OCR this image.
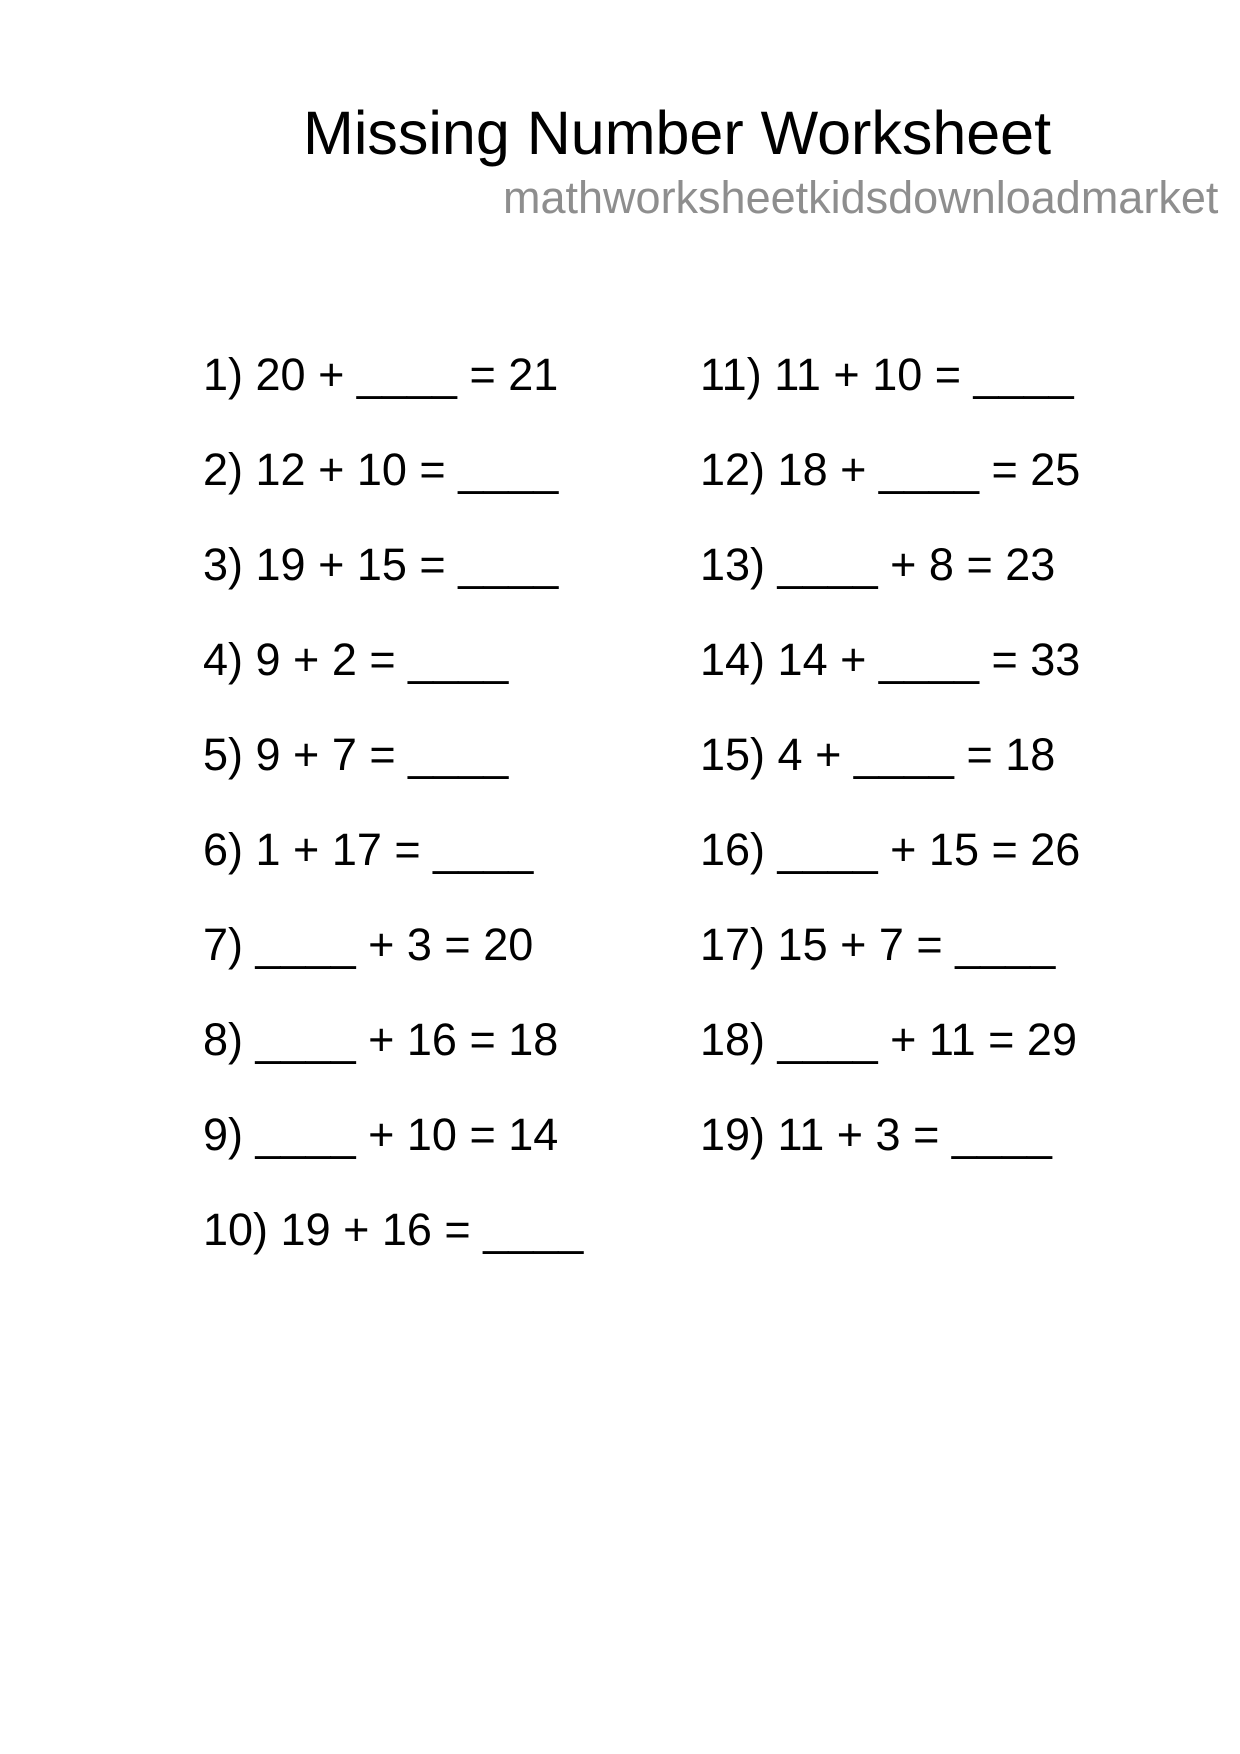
Missing Number Worksheet
mathworksheetkidsdownloadmarket
1) 20 + ____ = 21
2) 12 + 10 = ____
3) 19 + 15 = ____
4) 9 + 2 = ____
5) 9 + 7 = ____
6) 1 + 17 = ____
7) ____ + 3 = 20
8) ____ + 16 = 18
9) ____ + 10 = 14
10) 19 + 16 = ____
11) 11 + 10 = ____
12) 18 + ____ = 25
13) ____ + 8 = 23
14) 14 + ____ = 33
15) 4 + ____ = 18
16) ____ + 15 = 26
17) 15 + 7 = ____
18) ____ + 11 = 29
19) 11 + 3 = ____
